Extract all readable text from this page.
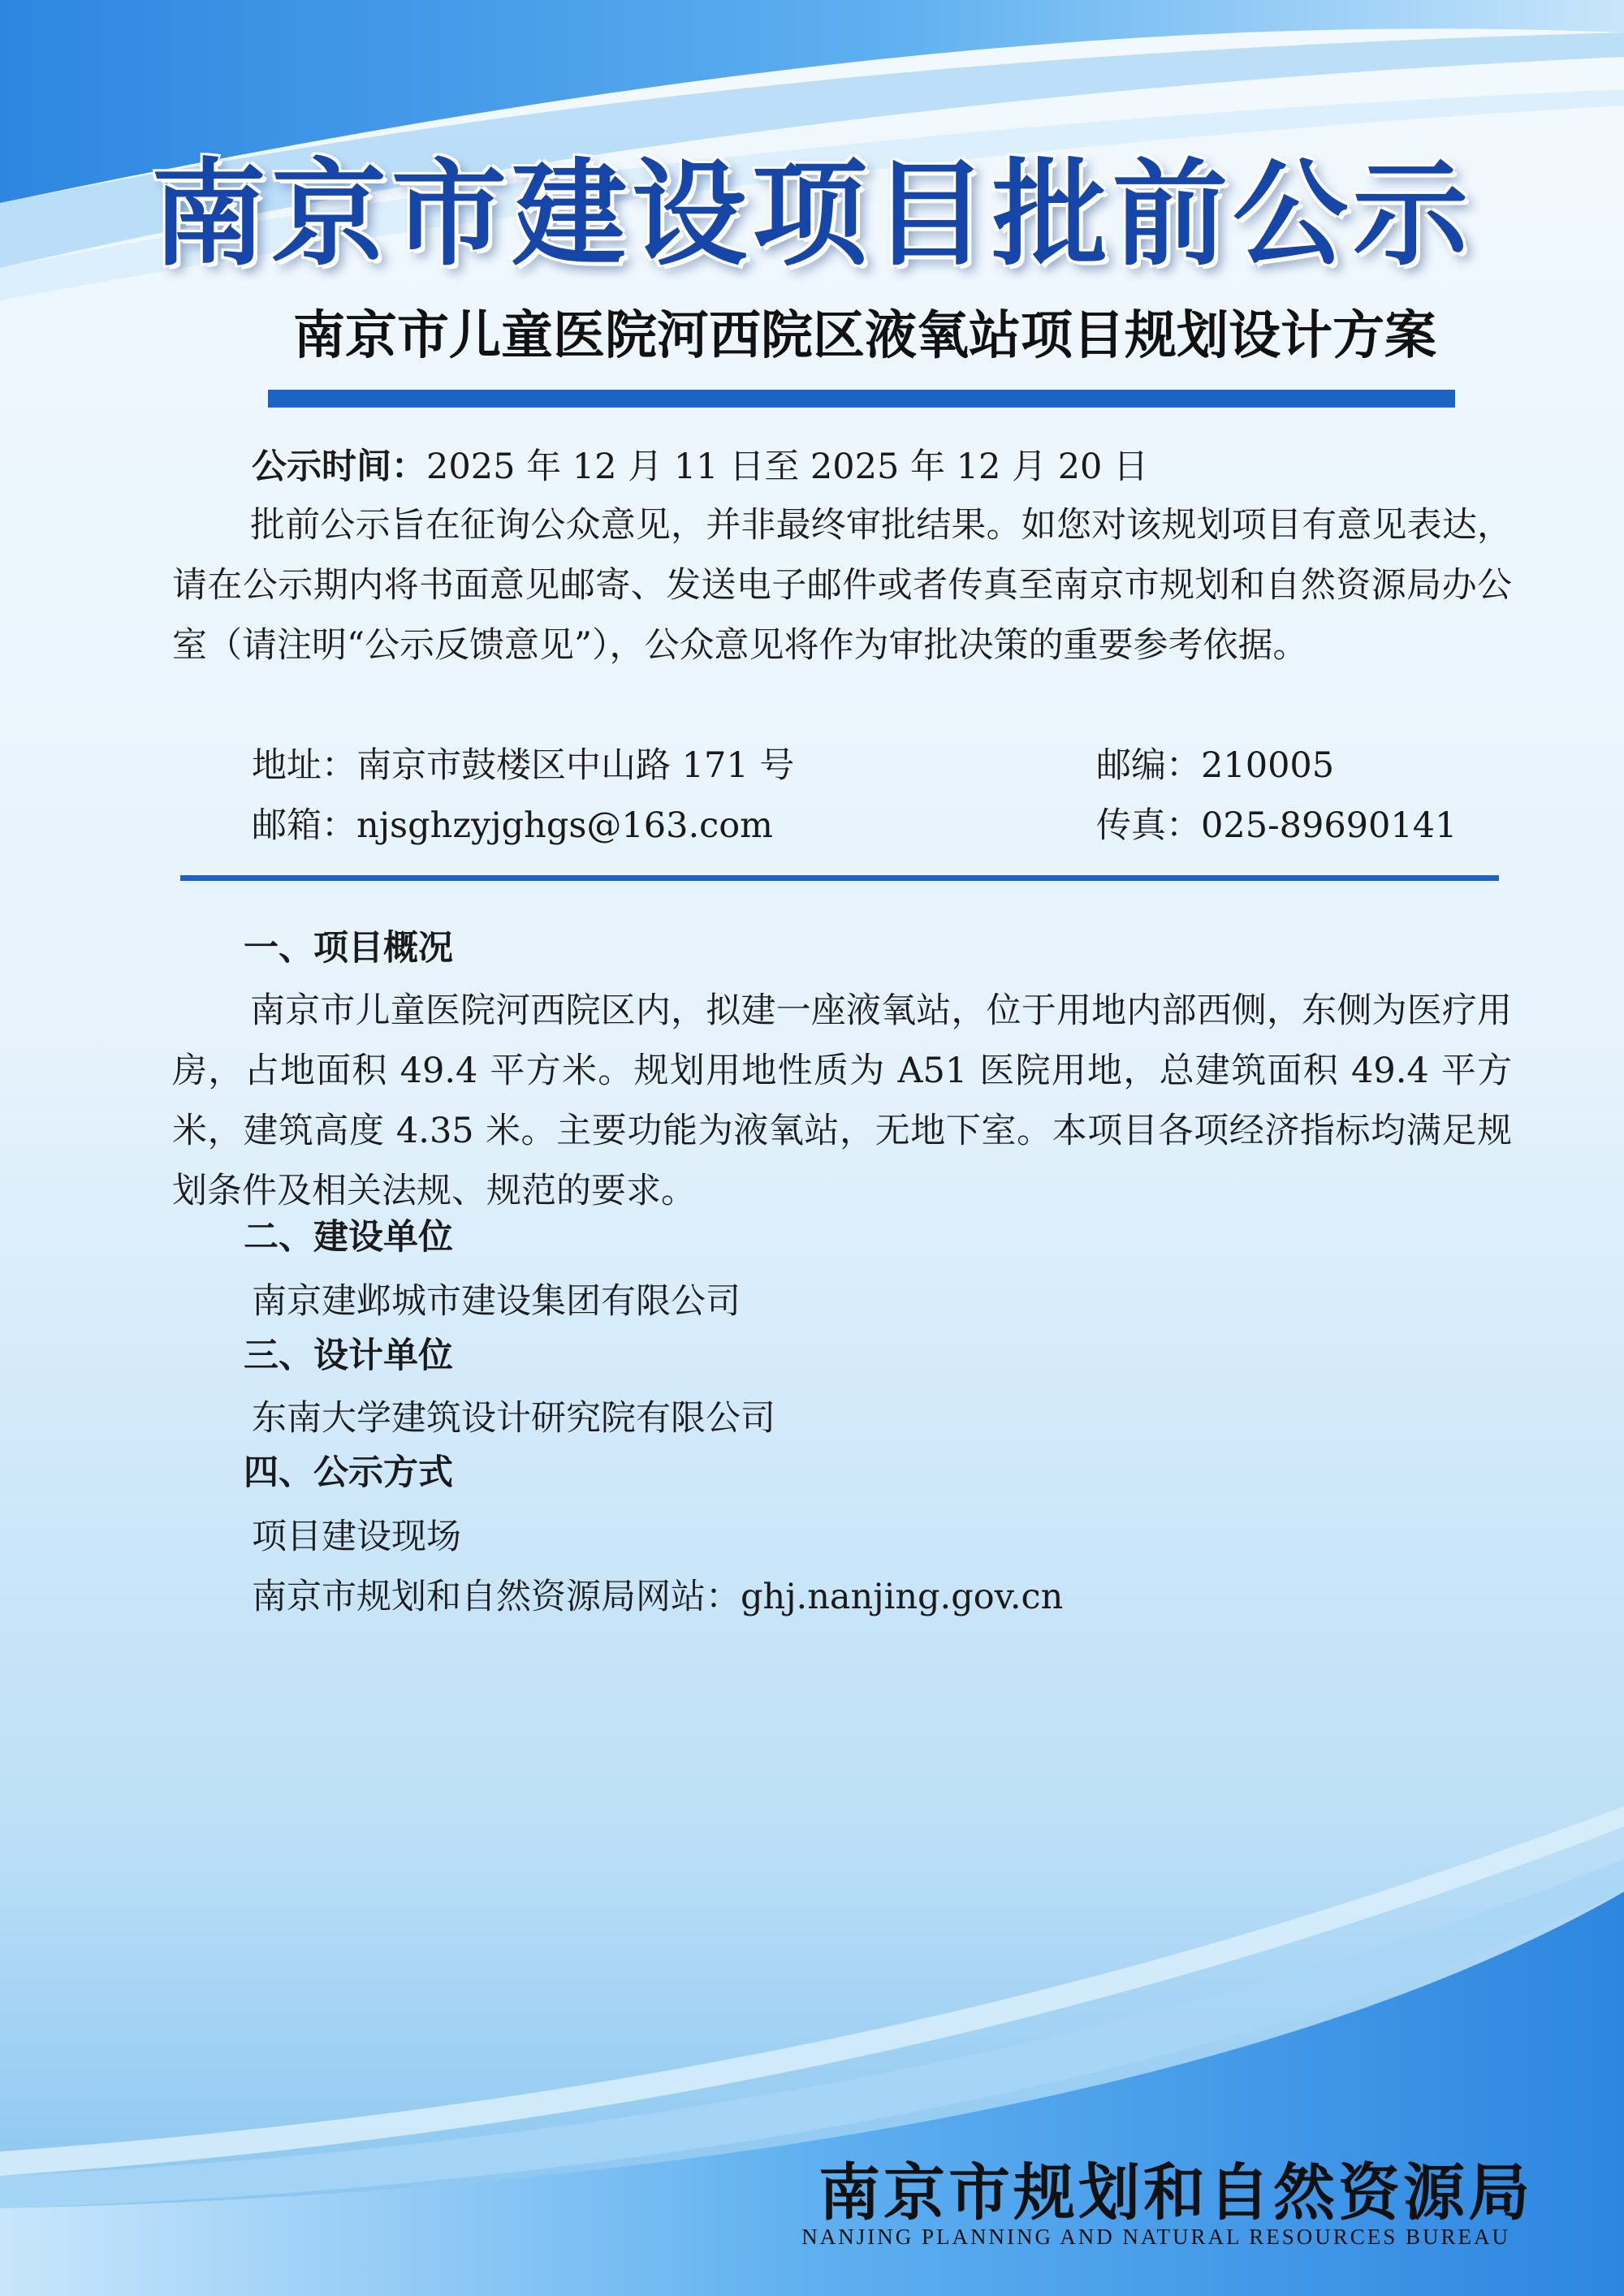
南京市建设项目批前公示
南京市儿童医院河西院区液氧站项目规划设计方案

公示时间：2025 年 12 月 11 日至 2025 年 12 月 20 日

批前公示旨在征询公众意见，并非最终审批结果。如您对该规划项目有意见表达，请在公示期内将书面意见邮寄、发送电子邮件或者传真至南京市规划和自然资源局办公室（请注明“公示反馈意见”），公众意见将作为审批决策的重要参考依据。

地址：南京市鼓楼区中山路 171 号	邮编：210005

邮箱：njsghzyjghgs@163.com	传真：025-89690141

一、项目概况

南京市儿童医院河西院区内，拟建一座液氧站，位于用地内部西侧，东侧为医疗用房，占地面积 49.4 平方米。规划用地性质为 A51 医院用地，总建筑面积 49.4 平方米，建筑高度 4.35 米。主要功能为液氧站，无地下室。本项目各项经济指标均满足规划条件及相关法规、规范的要求。

二、建设单位

南京建邺城市建设集团有限公司

三、设计单位

东南大学建筑设计研究院有限公司

四、公示方式

项目建设现场

南京市规划和自然资源局网站：ghj.nanjing.gov.cn

南京市规划和自然资源局

NANJING PLANNING AND NATURAL RESOURCES BUREAU
